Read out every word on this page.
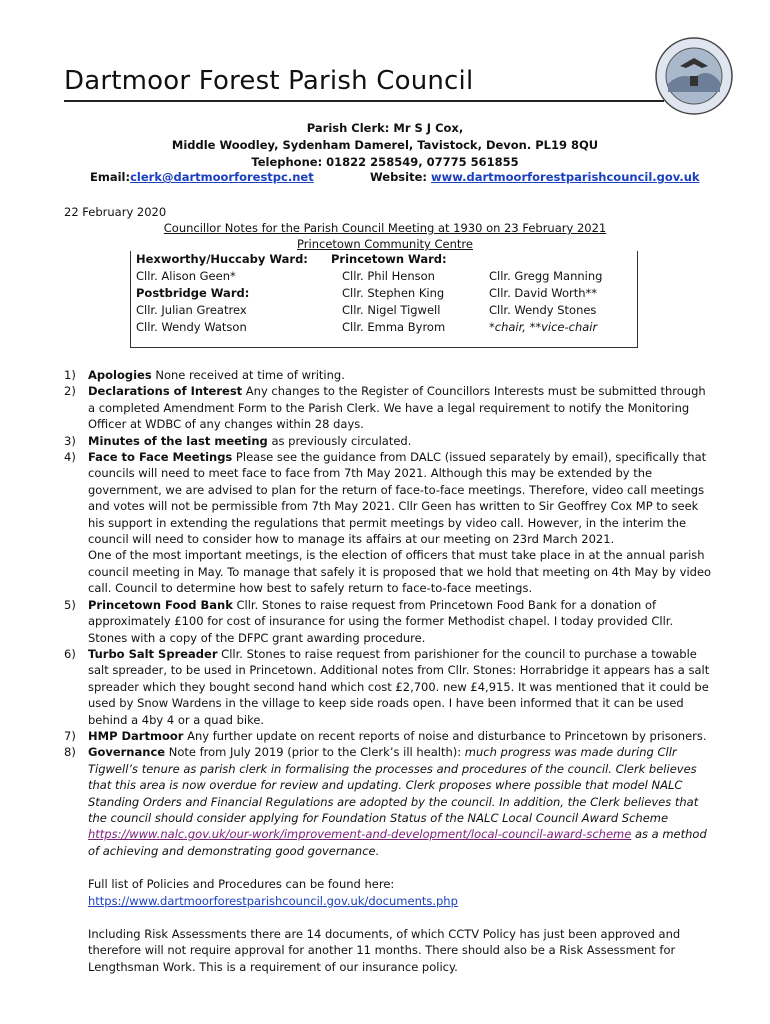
Dartmoor Forest Parish Council
Parish Clerk: Mr S J Cox,
Middle Woodley, Sydenham Damerel, Tavistock, Devon. PL19 8QU
Telephone: 01822 258549, 07775 561855
Email:clerk@dartmoorforestpc.net	Website: www.dartmoorforestparishcouncil.gov.uk
22 February 2020
Councillor Notes for the Parish Council Meeting at 1930 on 23 February 2021
Princetown Community Centre
Hexworthy/Huccaby Ward:
Cllr. Alison Geen*
Postbridge Ward:
Cllr. Julian Greatrex
Cllr. Wendy Watson
Princetown Ward:
Cllr. Phil Henson
Cllr. Stephen King
Cllr. Nigel Tigwell
Cllr. Emma Byrom

Cllr. Gregg Manning
Cllr. David Worth**
Cllr. Wendy Stones
*chair, **vice-chair
1) Apologies None received at time of writing.
2) Declarations of Interest Any changes to the Register of Councillors Interests must be submitted through a completed Amendment Form to the Parish Clerk. We have a legal requirement to notify the Monitoring Officer at WDBC of any changes within 28 days.
3) Minutes of the last meeting as previously circulated.
4) Face to Face Meetings Please see the guidance from DALC (issued separately by email), specifically that councils will need to meet face to face from 7th May 2021. Although this may be extended by the government, we are advised to plan for the return of face-to-face meetings. Therefore, video call meetings and votes will not be permissible from 7th May 2021. Cllr Geen has written to Sir Geoffrey Cox MP to seek his support in extending the regulations that permit meetings by video call. However, in the interim the council will need to consider how to manage its affairs at our meeting on 23rd March 2021.
One of the most important meetings, is the election of officers that must take place in at the annual parish council meeting in May. To manage that safely it is proposed that we hold that meeting on 4th May by video call. Council to determine how best to safely return to face-to-face meetings.
5) Princetown Food Bank Cllr. Stones to raise request from Princetown Food Bank for a donation of approximately £100 for cost of insurance for using the former Methodist chapel. I today provided Cllr. Stones with a copy of the DFPC grant awarding procedure.
6) Turbo Salt Spreader Cllr. Stones to raise request from parishioner for the council to purchase a towable salt spreader, to be used in Princetown. Additional notes from Cllr. Stones: Horrabridge it appears has a salt spreader which they bought second hand which cost £2,700. new £4,915. It was mentioned that it could be used by Snow Wardens in the village to keep side roads open. I have been informed that it can be used behind a 4by 4 or a quad bike.
7) HMP Dartmoor Any further update on recent reports of noise and disturbance to Princetown by prisoners.
8) Governance Note from July 2019 (prior to the Clerk’s ill health): much progress was made during Cllr Tigwell’s tenure as parish clerk in formalising the processes and procedures of the council. Clerk believes that this area is now overdue for review and updating. Clerk proposes where possible that model NALC Standing Orders and Financial Regulations are adopted by the council. In addition, the Clerk believes that the council should consider applying for Foundation Status of the NALC Local Council Award Scheme https://www.nalc.gov.uk/our-work/improvement-and-development/local-council-award-scheme as a method of achieving and demonstrating good governance.
Full list of Policies and Procedures can be found here:
https://www.dartmoorforestparishcouncil.gov.uk/documents.php
Including Risk Assessments there are 14 documents, of which CCTV Policy has just been approved and therefore will not require approval for another 11 months. There should also be a Risk Assessment for Lengthsman Work. This is a requirement of our insurance policy.
